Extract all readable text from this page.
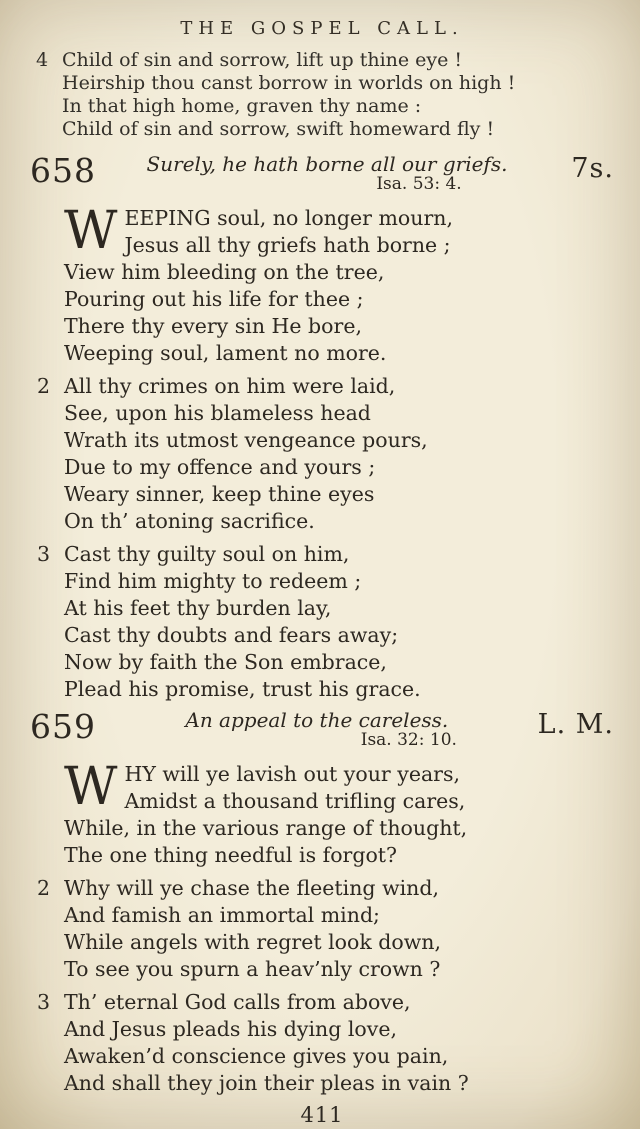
THE GOSPEL CALL.
4 Child of sin and sorrow, lift up thine eye !
Heirship thou canst borrow in worlds on high !
In that high home, graven thy name :
Child of sin and sorrow, swift homeward fly !
658	Surely, he hath borne all our griefs.
Isa. 53: 4.	7s.
W EEPING soul, no longer mourn,
Jesus all thy griefs hath borne ;
View him bleeding on the tree,
Pouring out his life for thee ;
There thy every sin He bore,
Weeping soul, lament no more.
2 All thy crimes on him were laid,
See, upon his blameless head
Wrath its utmost vengeance pours,
Due to my offence and yours ;
Weary sinner, keep thine eyes
On th’ atoning sacrifice.
3 Cast thy guilty soul on him,
Find him mighty to redeem ;
At his feet thy burden lay,
Cast thy doubts and fears away;
Now by faith the Son embrace,
Plead his promise, trust his grace.
659	An appeal to the careless.
Isa. 32: 10.	L. M.
W HY will ye lavish out your years,
Amidst a thousand trifling cares,
While, in the various range of thought,
The one thing needful is forgot?
2 Why will ye chase the fleeting wind,
And famish an immortal mind;
While angels with regret look down,
To see you spurn a heav’nly crown ?
3 Th’ eternal God calls from above,
And Jesus pleads his dying love,
Awaken’d conscience gives you pain,
And shall they join their pleas in vain ?
411
